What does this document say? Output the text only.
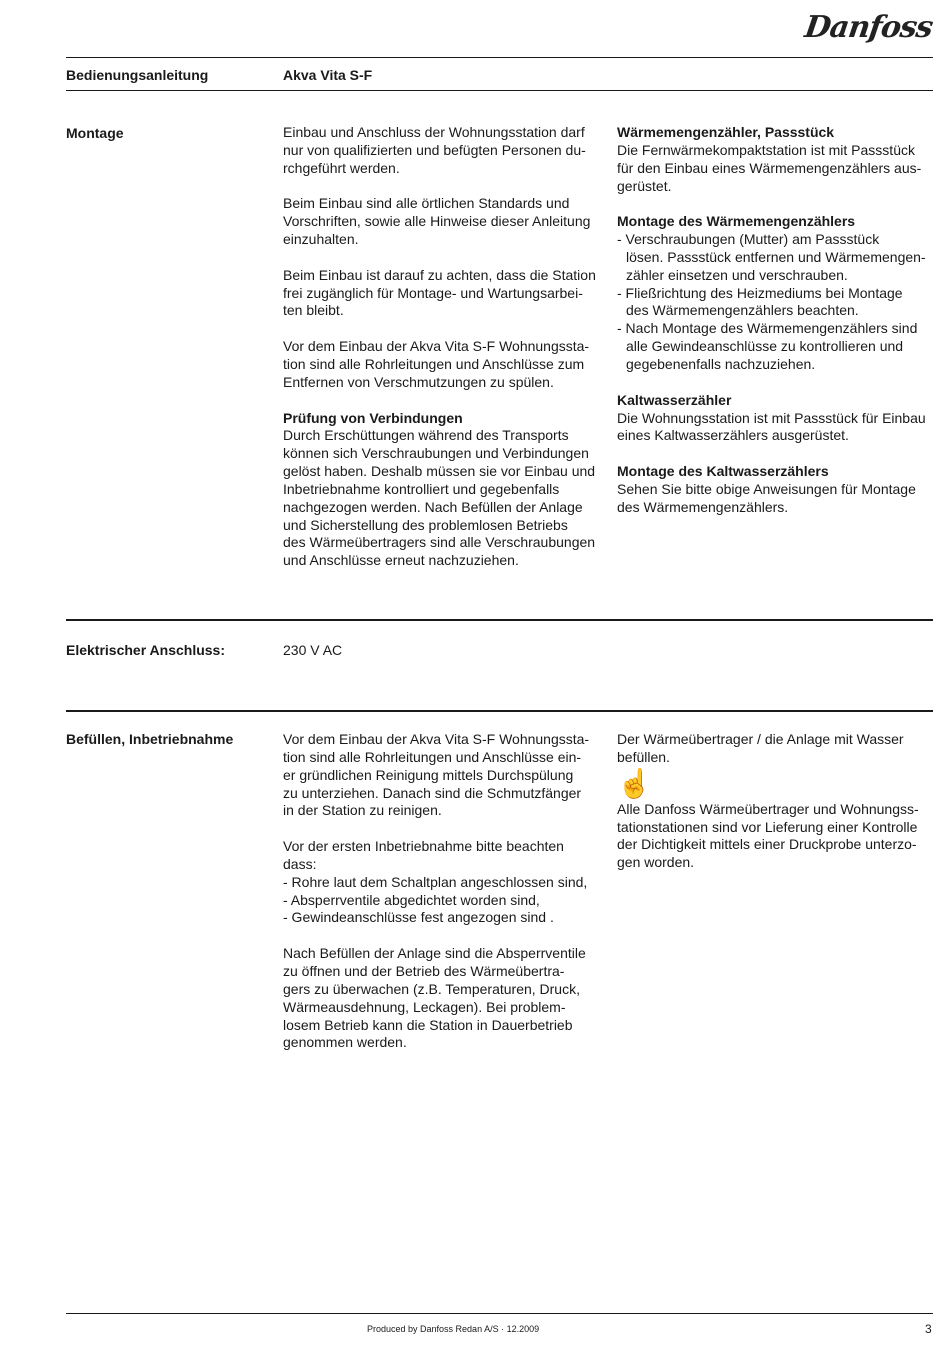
Danfoss
Bedienungsanleitung	Akva Vita S-F
Montage	Einbau und Anschluss der Wohnungsstation darf

nur von qualifizierten und befügten Personen du-

rchgeführt werden.

Beim Einbau sind alle örtlichen Standards und

Vorschriften, sowie alle Hinweise dieser Anleitung

einzuhalten.

Beim Einbau ist darauf zu achten, dass die Station

frei zugänglich für Montage- und Wartungsarbei-

ten bleibt.

Vor dem Einbau der Akva Vita S-F Wohnungssta-

tion sind alle Rohrleitungen und Anschlüsse zum

Entfernen von Verschmutzungen zu spülen.

Prüfung von Verbindungen

Durch Erschüttungen während des Transports

können sich Verschraubungen und Verbindungen

gelöst haben. Deshalb müssen sie vor Einbau und

Inbetriebnahme kontrolliert und gegebenfalls

nachgezogen werden. Nach Befüllen der Anlage

und Sicherstellung des problemlosen Betriebs

des Wärmeübertragers sind alle Verschraubungen

und Anschlüsse erneut nachzuziehen.

Wärmemengenzähler, Passstück

Die Fernwärmekompaktstation ist mit Passstück

für den Einbau eines Wärmemengenzählers aus-

gerüstet.

Montage des Wärmemengenzählers

- Verschraubungen (Mutter) am Passstück

lösen. Passstück entfernen und Wärmemengen-

zähler einsetzen und verschrauben.

- Fließrichtung des Heizmediums bei Montage

des Wärmemengenzählers beachten.

- Nach Montage des Wärmemengenzählers sind

alle Gewindeanschlüsse zu kontrollieren und

gegebenenfalls nachzuziehen.

Kaltwasserzähler

Die Wohnungsstation ist mit Passstück für Einbau

eines Kaltwasserzählers ausgerüstet.

Montage des Kaltwasserzählers

Sehen Sie bitte obige Anweisungen für Montage

des Wärmemengenzählers.

Elektrischer Anschluss:	230 V AC
Befüllen, Inbetriebnahme	Vor dem Einbau der Akva Vita S-F Wohnungssta-

tion sind alle Rohrleitungen und Anschlüsse ein-

er gründlichen Reinigung mittels Durchspülung

zu unterziehen. Danach sind die Schmutzfänger

in der Station zu reinigen.

Vor der ersten Inbetriebnahme bitte beachten

dass:

- Rohre laut dem Schaltplan angeschlossen sind,

- Absperrventile abgedichtet worden sind,

- Gewindeanschlüsse fest angezogen sind .

Nach Befüllen der Anlage sind die Absperrventile

zu öffnen und der Betrieb des Wärmeübertra-

gers zu überwachen (z.B. Temperaturen, Druck,

Wärmeausdehnung, Leckagen). Bei problem-

losem Betrieb kann die Station in Dauerbetrieb

genommen werden.

Der Wärmeübertrager / die Anlage mit Wasser

befüllen.

☝

Alle Danfoss Wärmeübertrager und Wohnungss-

tationstationen sind vor Lieferung einer Kontrolle

der Dichtigkeit mittels einer Druckprobe unterzo-

gen worden.

Produced by Danfoss Redan A/S · 12.2009	3
